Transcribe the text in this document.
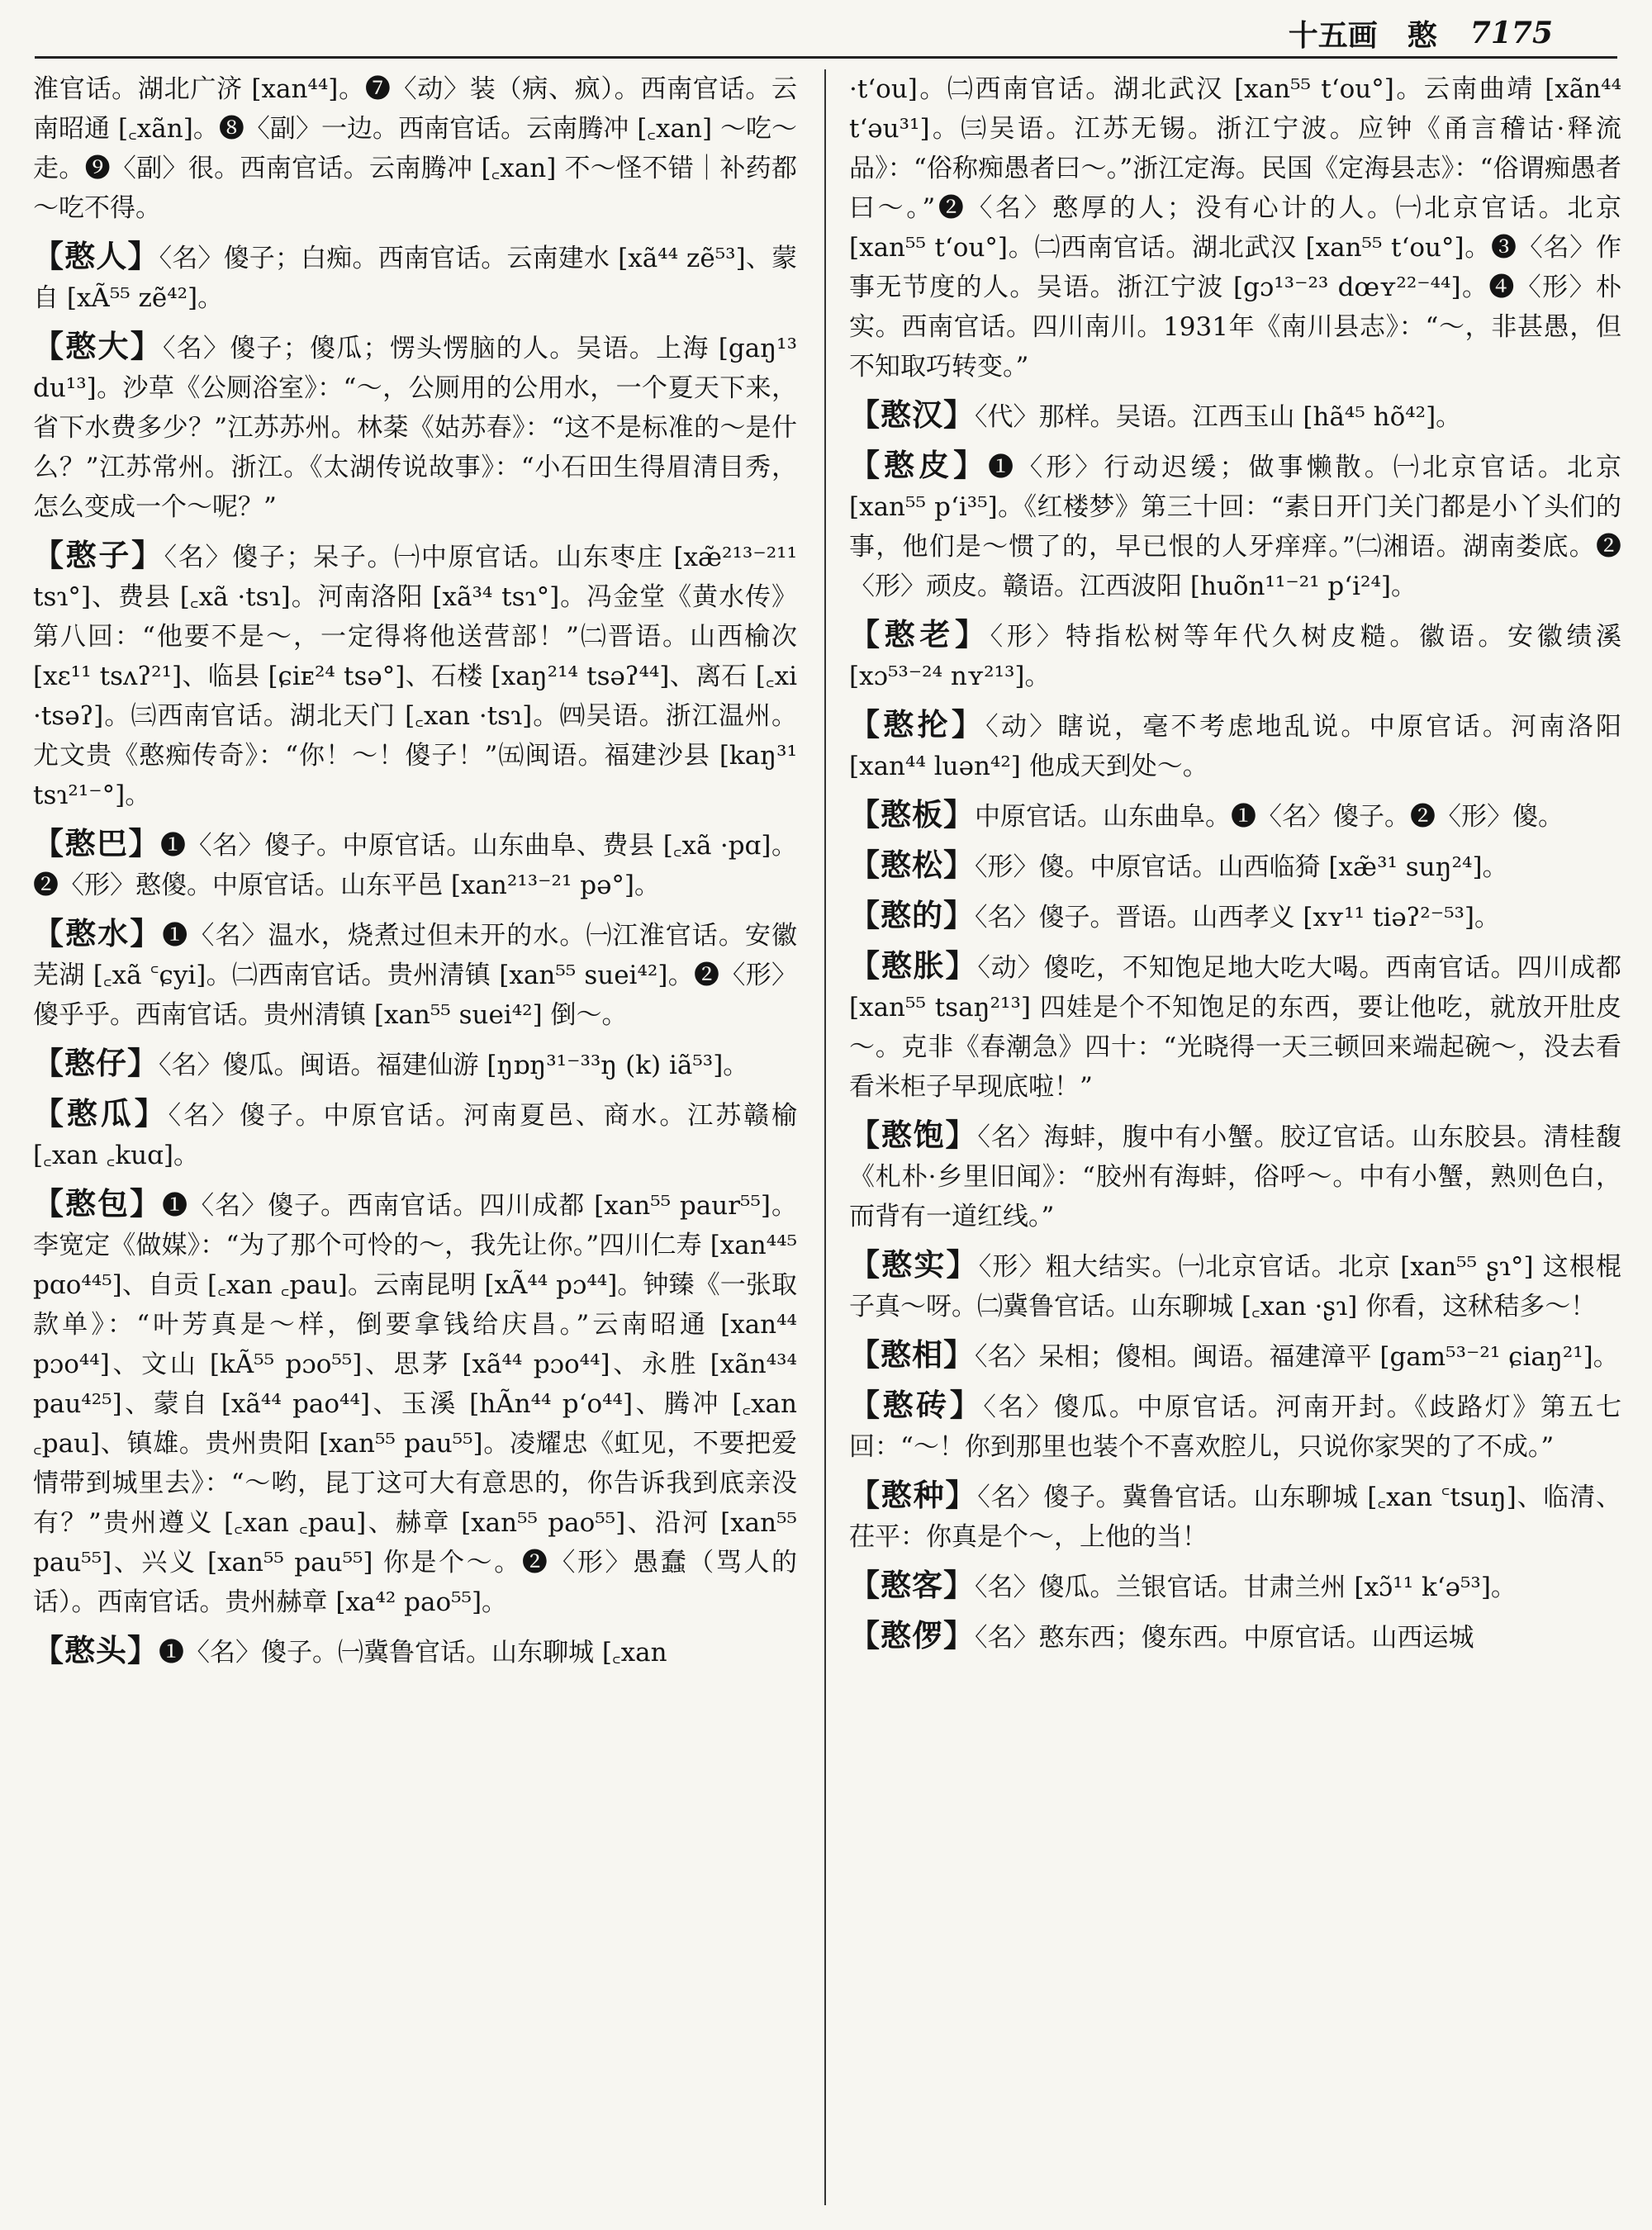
十五画　憨 7175

淮官话。湖北广济 [xan⁴⁴]。❼〈动〉装（病、疯）。西南官话。云南昭通 [꜀xãn]。❽〈副〉一边。西南官话。云南腾冲 [꜀xan] ～吃～走。❾〈副〉很。西南官话。云南腾冲 [꜀xan] 不～怪不错｜补药都～吃不得。

【憨人】〈名〉傻子；白痴。西南官话。云南建水 [xã⁴⁴ zẽ⁵³]、蒙自 [xÃ⁵⁵ zẽ⁴²]。

【憨大】〈名〉傻子；傻瓜；愣头愣脑的人。吴语。上海 [gaŋ¹³ du¹³]。沙草《公厕浴室》：“～，公厕用的公用水，一个夏天下来，省下水费多少？”江苏苏州。林棻《姑苏春》：“这不是标准的～是什么？”江苏常州。浙江。《太湖传说故事》：“小石田生得眉清目秀，怎么变成一个～呢？”

【憨子】〈名〉傻子；呆子。㈠中原官话。山东枣庄 [xæ̃²¹³⁻²¹¹ tsɿ°]、费县 [꜀xã ·tsɿ]。河南洛阳 [xã³⁴ tsɿ°]。冯金堂《黄水传》第八回：“他要不是～，一定得将他送营部！”㈡晋语。山西榆次 [xɛ¹¹ tsʌʔ²¹]、临县 [ɕiᴇ²⁴ tsə°]、石楼 [xaŋ²¹⁴ tsəʔ⁴⁴]、离石 [꜀xi ·tsəʔ]。㈢西南官话。湖北天门 [꜀xan ·tsɿ]。㈣吴语。浙江温州。尤文贵《憨痴传奇》：“你！～！傻子！”㈤闽语。福建沙县 [kaŋ³¹ tsɿ²¹⁻°]。

【憨巴】❶〈名〉傻子。中原官话。山东曲阜、费县 [꜀xã ·pɑ]。❷〈形〉憨傻。中原官话。山东平邑 [xan²¹³⁻²¹ pə°]。

【憨水】❶〈名〉温水，烧煮过但未开的水。㈠江淮官话。安徽芜湖 [꜀xã ꜂ɕyi]。㈡西南官话。贵州清镇 [xan⁵⁵ suei⁴²]。❷〈形〉傻乎乎。西南官话。贵州清镇 [xan⁵⁵ suei⁴²] 倒～。

【憨仔】〈名〉傻瓜。闽语。福建仙游 [ŋɒŋ³¹⁻³³ŋ (k) iã⁵³]。

【憨瓜】〈名〉傻子。中原官话。河南夏邑、商水。江苏赣榆 [꜀xan ꜀kuɑ]。

【憨包】❶〈名〉傻子。西南官话。四川成都 [xan⁵⁵ paur⁵⁵]。李宽定《做媒》：“为了那个可怜的～，我先让你。”四川仁寿 [xan⁴⁴⁵ pɑo⁴⁴⁵]、自贡 [꜀xan ꜀pau]。云南昆明 [xÃ⁴⁴ pɔ⁴⁴]。钟臻《一张取款单》：“叶芳真是～样，倒要拿钱给庆昌。”云南昭通 [xan⁴⁴ pɔo⁴⁴]、文山 [kÃ⁵⁵ pɔo⁵⁵]、思茅 [xã⁴⁴ pɔo⁴⁴]、永胜 [xãn⁴³⁴ pau⁴²⁵]、蒙自 [xã⁴⁴ pao⁴⁴]、玉溪 [hÃn⁴⁴ p‘o⁴⁴]、腾冲 [꜀xan ꜀pau]、镇雄。贵州贵阳 [xan⁵⁵ pau⁵⁵]。凌耀忠《虹见，不要把爱情带到城里去》：“～哟，昆丁这可大有意思的，你告诉我到底亲没有？”贵州遵义 [꜀xan ꜀pau]、赫章 [xan⁵⁵ pao⁵⁵]、沿河 [xan⁵⁵ pau⁵⁵]、兴义 [xan⁵⁵ pau⁵⁵] 你是个～。❷〈形〉愚蠢（骂人的话）。西南官话。贵州赫章 [xa⁴² pao⁵⁵]。

【憨头】❶〈名〉傻子。㈠冀鲁官话。山东聊城 [꜀xan

·t‘ou]。㈡西南官话。湖北武汉 [xan⁵⁵ t‘ou°]。云南曲靖 [xãn⁴⁴ t‘əu³¹]。㈢吴语。江苏无锡。浙江宁波。应钟《甬言稽诂·释流品》：“俗称痴愚者曰～。”浙江定海。民国《定海县志》：“俗谓痴愚者曰～。”❷〈名〉憨厚的人；没有心计的人。㈠北京官话。北京 [xan⁵⁵ t‘ou°]。㈡西南官话。湖北武汉 [xan⁵⁵ t‘ou°]。❸〈名〉作事无节度的人。吴语。浙江宁波 [gɔ¹³⁻²³ dœʏ²²⁻⁴⁴]。❹〈形〉朴实。西南官话。四川南川。1931年《南川县志》：“～，非甚愚，但不知取巧转变。”

【憨汉】〈代〉那样。吴语。江西玉山 [hã⁴⁵ hõ⁴²]。

【憨皮】❶〈形〉行动迟缓；做事懒散。㈠北京官话。北京 [xan⁵⁵ p‘i³⁵]。《红楼梦》第三十回：“素日开门关门都是小丫头们的事，他们是～惯了的，早已恨的人牙痒痒。”㈡湘语。湖南娄底。❷〈形〉顽皮。赣语。江西波阳 [huõn¹¹⁻²¹ p‘i²⁴]。

【憨老】〈形〉特指松树等年代久树皮糙。徽语。安徽绩溪 [xɔ⁵³⁻²⁴ nʏ²¹³]。

【憨抡】〈动〉瞎说，毫不考虑地乱说。中原官话。河南洛阳 [xan⁴⁴ luən⁴²] 他成天到处～。

【憨板】中原官话。山东曲阜。❶〈名〉傻子。❷〈形〉傻。

【憨松】〈形〉傻。中原官话。山西临猗 [xæ̃³¹ suŋ²⁴]。

【憨的】〈名〉傻子。晋语。山西孝义 [xʏ¹¹ tiəʔ²⁻⁵³]。

【憨胀】〈动〉傻吃，不知饱足地大吃大喝。西南官话。四川成都 [xan⁵⁵ tsaŋ²¹³] 四娃是个不知饱足的东西，要让他吃，就放开肚皮～。克非《春潮急》四十：“光晓得一天三顿回来端起碗～，没去看看米柜子早现底啦！”

【憨饱】〈名〉海蚌，腹中有小蟹。胶辽官话。山东胶县。清桂馥《札朴·乡里旧闻》：“胶州有海蚌，俗呼～。中有小蟹，熟则色白，而背有一道红线。”

【憨实】〈形〉粗大结实。㈠北京官话。北京 [xan⁵⁵ ʂɿ°] 这根棍子真～呀。㈡冀鲁官话。山东聊城 [꜀xan ·ʂɿ] 你看，这秫秸多～！

【憨相】〈名〉呆相；傻相。闽语。福建漳平 [gam⁵³⁻²¹ ɕiaŋ²¹]。

【憨砖】〈名〉傻瓜。中原官话。河南开封。《歧路灯》第五七回：“～！你到那里也装个不喜欢腔儿，只说你家哭的了不成。”

【憨种】〈名〉傻子。冀鲁官话。山东聊城 [꜀xan ꜂tsuŋ]、临清、茌平：你真是个～，上他的当！

【憨客】〈名〉傻瓜。兰银官话。甘肃兰州 [xɔ̃¹¹ k‘ə⁵³]。

【憨㑩】〈名〉憨东西；傻东西。中原官话。山西运城
